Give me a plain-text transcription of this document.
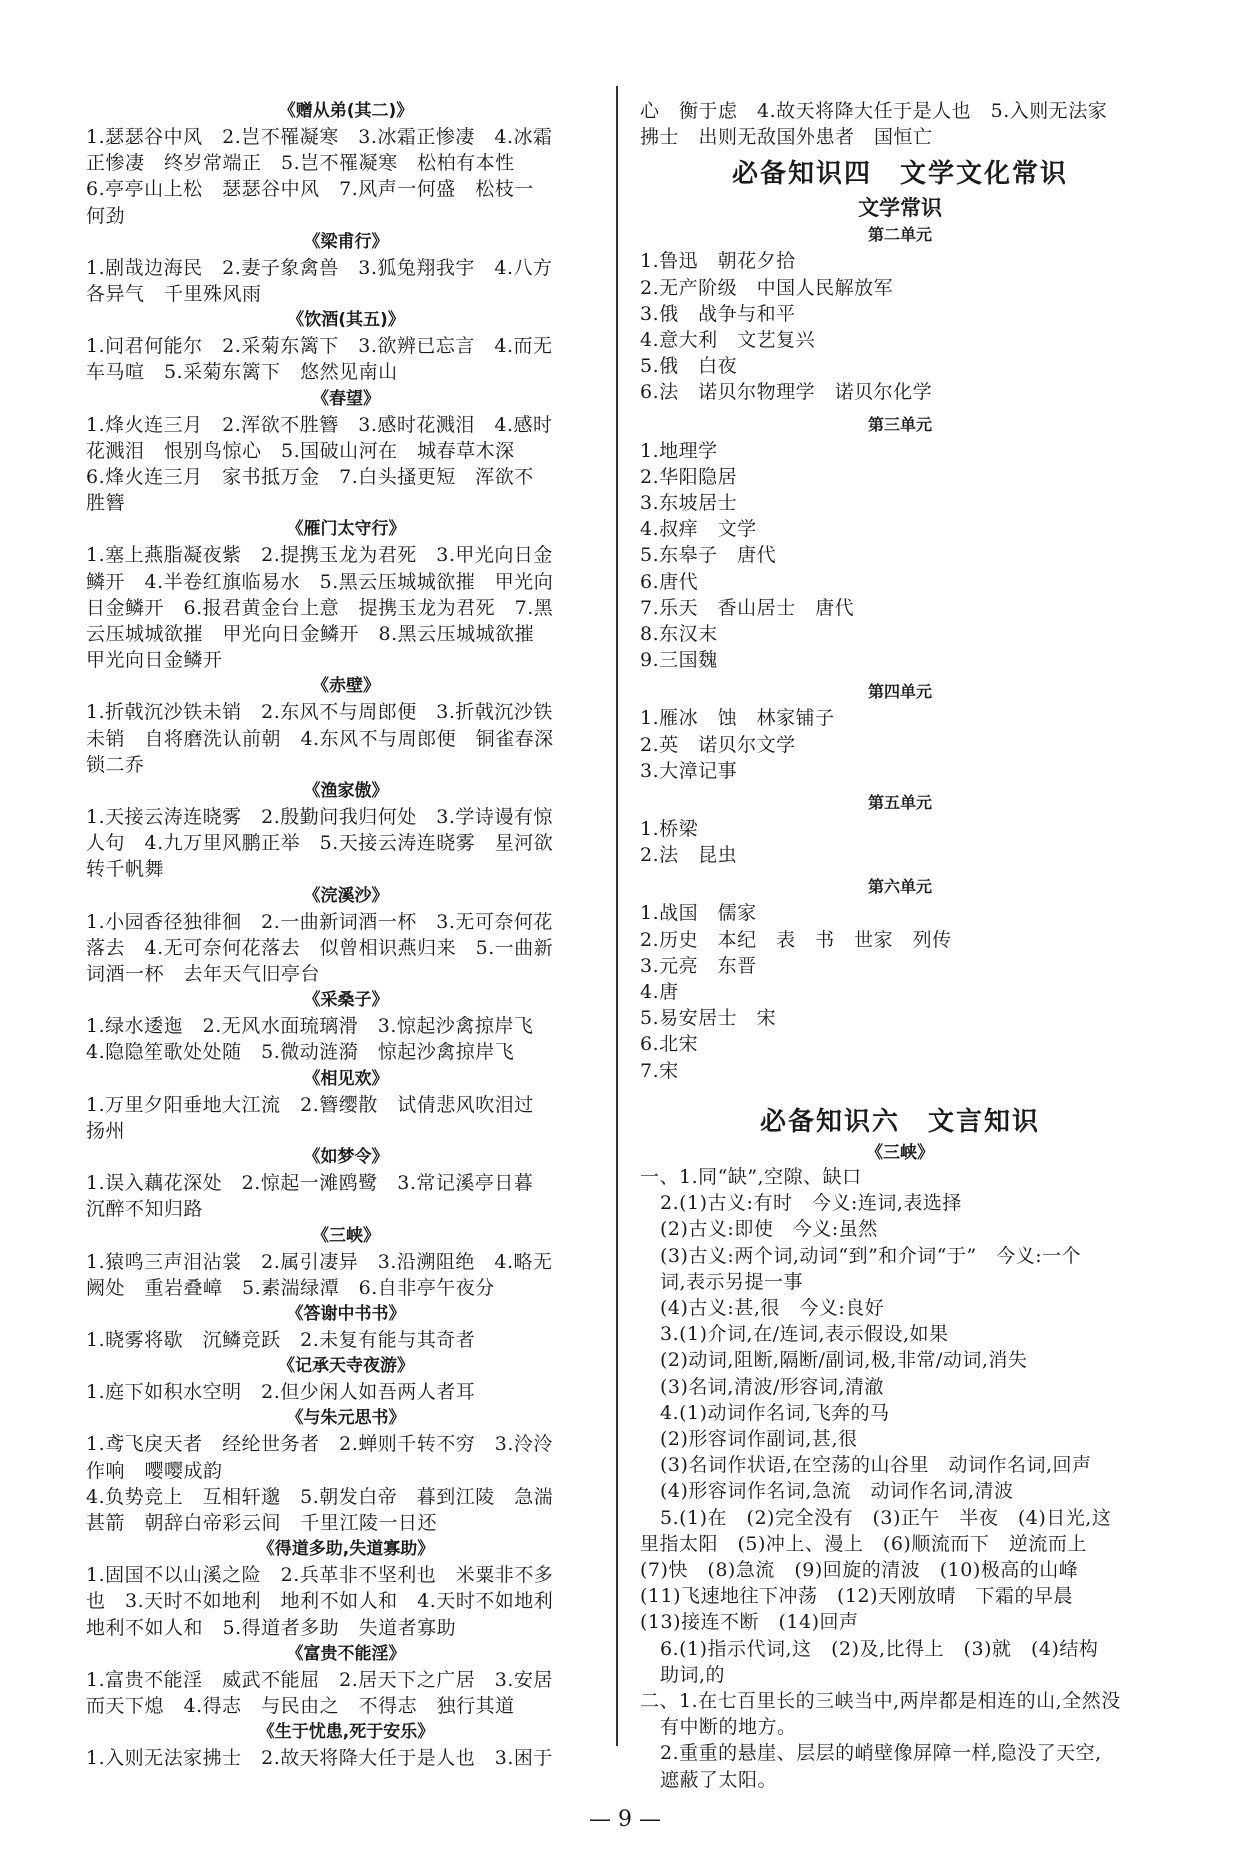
《赠从弟(其二)》
1.瑟瑟谷中风　2.岂不罹凝寒　3.冰霜正惨凄　4.冰霜
正惨凄　终岁常端正　5.岂不罹凝寒　松柏有本性
6.亭亭山上松　瑟瑟谷中风　7.风声一何盛　松枝一
何劲
《梁甫行》
1.剧哉边海民　2.妻子象禽兽　3.狐兔翔我宇　4.八方
各异气　千里殊风雨
《饮酒(其五)》
1.问君何能尔　2.采菊东篱下　3.欲辨已忘言　4.而无
车马喧　5.采菊东篱下　悠然见南山
《春望》
1.烽火连三月　2.浑欲不胜簪　3.感时花溅泪　4.感时
花溅泪　恨别鸟惊心　5.国破山河在　城春草木深
6.烽火连三月　家书抵万金　7.白头搔更短　浑欲不
胜簪
《雁门太守行》
1.塞上燕脂凝夜紫　2.提携玉龙为君死　3.甲光向日金
鳞开　4.半卷红旗临易水　5.黑云压城城欲摧　甲光向
日金鳞开　6.报君黄金台上意　提携玉龙为君死　7.黑
云压城城欲摧　甲光向日金鳞开　8.黑云压城城欲摧
甲光向日金鳞开
《赤壁》
1.折戟沉沙铁未销　2.东风不与周郎便　3.折戟沉沙铁
未销　自将磨洗认前朝　4.东风不与周郎便　铜雀春深
锁二乔
《渔家傲》
1.天接云涛连晓雾　2.殷勤问我归何处　3.学诗谩有惊
人句　4.九万里风鹏正举　5.天接云涛连晓雾　星河欲
转千帆舞
《浣溪沙》
1.小园香径独徘徊　2.一曲新词酒一杯　3.无可奈何花
落去　4.无可奈何花落去　似曾相识燕归来　5.一曲新
词酒一杯　去年天气旧亭台
《采桑子》
1.绿水逶迤　2.无风水面琉璃滑　3.惊起沙禽掠岸飞
4.隐隐笙歌处处随　5.微动涟漪　惊起沙禽掠岸飞
《相见欢》
1.万里夕阳垂地大江流　2.簪缨散　试倩悲风吹泪过
扬州
《如梦令》
1.误入藕花深处　2.惊起一滩鸥鹭　3.常记溪亭日暮
沉醉不知归路
《三峡》
1.猿鸣三声泪沾裳　2.属引凄异　3.沿溯阻绝　4.略无
阙处　重岩叠嶂　5.素湍绿潭　6.自非亭午夜分
《答谢中书书》
1.晓雾将歇　沉鳞竞跃　2.未复有能与其奇者
《记承天寺夜游》
1.庭下如积水空明　2.但少闲人如吾两人者耳
《与朱元思书》
1.鸢飞戾天者　经纶世务者　2.蝉则千转不穷　3.泠泠
作响　嘤嘤成韵
4.负势竞上　互相轩邈　5.朝发白帝　暮到江陵　急湍
甚箭　朝辞白帝彩云间　千里江陵一日还
《得道多助,失道寡助》
1.固国不以山溪之险　2.兵革非不坚利也　米粟非不多
也　3.天时不如地利　地利不如人和　4.天时不如地利
地利不如人和　5.得道者多助　失道者寡助
《富贵不能淫》
1.富贵不能淫　威武不能屈　2.居天下之广居　3.安居
而天下熄　4.得志　与民由之　不得志　独行其道
《生于忧患,死于安乐》
1.入则无法家拂士　2.故天将降大任于是人也　3.困于
心　衡于虑　4.故天将降大任于是人也　5.入则无法家
拂士　出则无敌国外患者　国恒亡
必备知识四　文学文化常识
文学常识
第二单元
1.鲁迅　朝花夕拾
2.无产阶级　中国人民解放军
3.俄　战争与和平
4.意大利　文艺复兴
5.俄　白夜
6.法　诺贝尔物理学　诺贝尔化学
第三单元
1.地理学
2.华阳隐居
3.东坡居士
4.叔痒　文学
5.东皋子　唐代
6.唐代
7.乐天　香山居士　唐代
8.东汉末
9.三国魏
第四单元
1.雁冰　蚀　林家铺子
2.英　诺贝尔文学
3.大漳记事
第五单元
1.桥梁
2.法　昆虫
第六单元
1.战国　儒家
2.历史　本纪　表　书　世家　列传
3.元亮　东晋
4.唐
5.易安居士　宋
6.北宋
7.宋
必备知识六　文言知识
《三峡》
一、1.同“缺”,空隙、缺口
2.(1)古义:有时　今义:连词,表选择
(2)古义:即使　今义:虽然
(3)古义:两个词,动词“到”和介词“于”　今义:一个
词,表示另提一事
(4)古义:甚,很　今义:良好
3.(1)介词,在/连词,表示假设,如果
(2)动词,阻断,隔断/副词,极,非常/动词,消失
(3)名词,清波/形容词,清澈
4.(1)动词作名词,飞奔的马
(2)形容词作副词,甚,很
(3)名词作状语,在空荡的山谷里　动词作名词,回声
(4)形容词作名词,急流　动词作名词,清波
5.(1)在　(2)完全没有　(3)正午　半夜　(4)日光,这
里指太阳　(5)冲上、漫上　(6)顺流而下　逆流而上
(7)快　(8)急流　(9)回旋的清波　(10)极高的山峰
(11)飞速地往下冲荡　(12)天刚放晴　下霜的早晨
(13)接连不断　(14)回声
6.(1)指示代词,这　(2)及,比得上　(3)就　(4)结构
助词,的
二、1.在七百里长的三峡当中,两岸都是相连的山,全然没
有中断的地方。
2.重重的悬崖、层层的峭壁像屏障一样,隐没了天空,
遮蔽了太阳。
— 9 —
